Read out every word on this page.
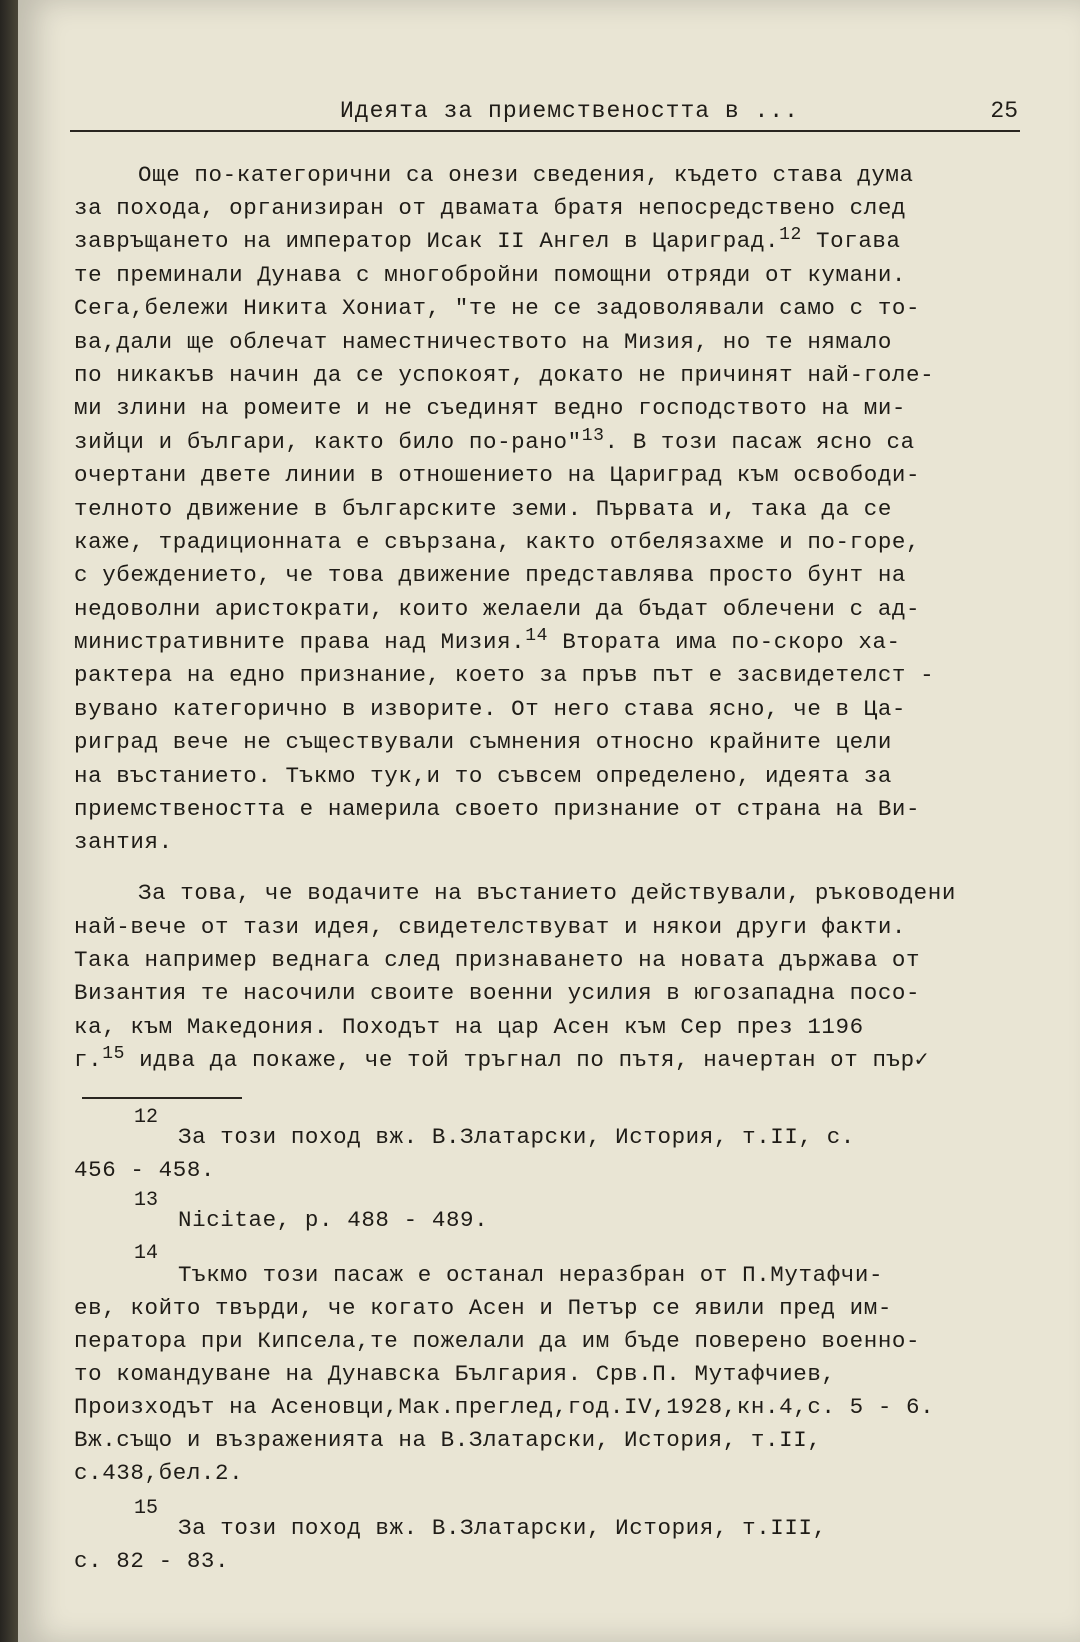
Идеята за приемствеността в ...	25
Още по-категорични са онези сведения, където става дума
за похода, организиран от двамата братя непосредствено след
завръщането на император Исак II Ангел в Цариград.$^{12}$ Тогава
те преминали Дунава с многобройни помощни отряди от кумани.
Сега,бележи Никита Хониат, "те не се задоволявали само с то-
ва,дали ще облечат наместничеството на Мизия, но те нямало
по никакъв начин да се успокоят, докато не причинят най-голе-
ми злини на ромеите и не съединят ведно господството на ми-
зийци и българи, както било по-рано"$^{13}$. В този пасаж ясно са
очертани двете линии в отношението на Цариград към освободи-
телното движение в българските земи. Първата и, така да се
каже, традиционната е свързана, както отбелязахме и по-горе,
с убеждението, че това движение представлява просто бунт на
недоволни аристократи, които желаели да бъдат облечени с ад-
министративните права над Мизия.$^{14}$ Втората има по-скоро ха-
рактера на едно признание, което за пръв път е засвидетелст -
вувано категорично в изворите. От него става ясно, че в Ца-
риград вече не съществували съмнения относно крайните цели
на въстанието. Тъкмо тук,и то съвсем определено, идеята за
приемствеността е намерила своето признание от страна на Ви-
зантия.
За това, че водачите на въстанието действували, ръководени
най-вече от тази идея, свидетелствуват и някои други факти.
Така например веднага след признаването на новата държава от
Византия те насочили своите военни усилия в югозападна посо-
ка, към Македония. Походът на цар Асен към Сер през 1196
г.$^{15}$ идва да покаже, че той тръгнал по пътя, начертан от пър✓
12
За този поход вж. В.Златарски, История, т.II, с.
456 - 458.
13
Nicitae, p. 488 - 489.
14
Тъкмо този пасаж е останал неразбран от П.Мутафчи-
ев, който твърди, че когато Асен и Петър се явили пред им-
ператора при Кипсела,те пожелали да им бъде поверено военно-
то командуване на Дунавска България. Срв.П. Мутафчиев,
Произходът на Асеновци,Мак.преглед,год.IV,1928,кн.4,с. 5 - 6.
Вж.също и възраженията на В.Златарски, История, т.II,
с.438,бел.2.
15
За този поход вж. В.Златарски, История, т.III,
с. 82 - 83.
